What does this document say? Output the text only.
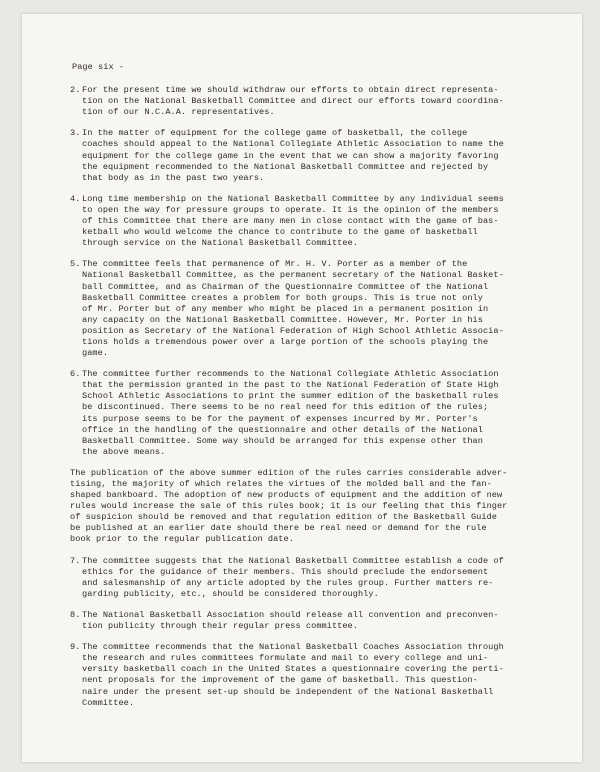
Page six -
2. For the present time we should withdraw our efforts to obtain direct representa-
tion on the National Basketball Committee and direct our efforts toward coordina-
tion of our N.C.A.A. representatives.
3. In the matter of equipment for the college game of basketball, the college
coaches should appeal to the National Collegiate Athletic Association to name the
equipment for the college game in the event that we can show a majority favoring
the equipment recommended to the National Basketball Committee and rejected by
that body as in the past two years.
4. Long time membership on the National Basketball Committee by any individual seems
to open the way for pressure groups to operate. It is the opinion of the members
of this Committee that there are many men in close contact with the game of bas-
ketball who would welcome the chance to contribute to the game of basketball
through service on the National Basketball Committee.
5. The committee feels that permanence of Mr. H. V. Porter as a member of the
National Basketball Committee, as the permanent secretary of the National Basket-
ball Committee, and as Chairman of the Questionnaire Committee of the National
Basketball Committee creates a problem for both groups. This is true not only
of Mr. Porter but of any member who might be placed in a permanent position in
any capacity on the National Basketball Committee. However, Mr. Porter in his
position as Secretary of the National Federation of High School Athletic Associa-
tions holds a tremendous power over a large portion of the schools playing the
game.
6. The committee further recommends to the National Collegiate Athletic Association
that the permission granted in the past to the National Federation of State High
School Athletic Associations to print the summer edition of the basketball rules
be discontinued. There seems to be no real need for this edition of the rules;
its purpose seems to be for the payment of expenses incurred by Mr. Porter's
office in the handling of the questionnaire and other details of the National
Basketball Committee. Some way should be arranged for this expense other than
the above means.
The publication of the above summer edition of the rules carries considerable adver-
tising, the majority of which relates the virtues of the molded ball and the fan-
shaped bankboard. The adoption of new products of equipment and the addition of new
rules would increase the sale of this rules book; it is our feeling that this finger
of suspicion should be removed and that regulation edition of the Basketball Guide
be published at an earlier date should there be real need or demand for the rule
book prior to the regular publication date.
7. The committee suggests that the National Basketball Committee establish a code of
ethics for the guidance of their members. This should preclude the endorsement
and salesmanship of any article adopted by the rules group. Further matters re-
garding publicity, etc., should be considered thoroughly.
8. The National Basketball Association should release all convention and preconven-
tion publicity through their regular press committee.
9. The committee recommends that the National Basketball Coaches Association through
the research and rules committees formulate and mail to every college and uni-
versity basketball coach in the United States a questionnaire covering the perti-
nent proposals for the improvement of the game of basketball. This question-
naire under the present set-up should be independent of the National Basketball
Committee.
